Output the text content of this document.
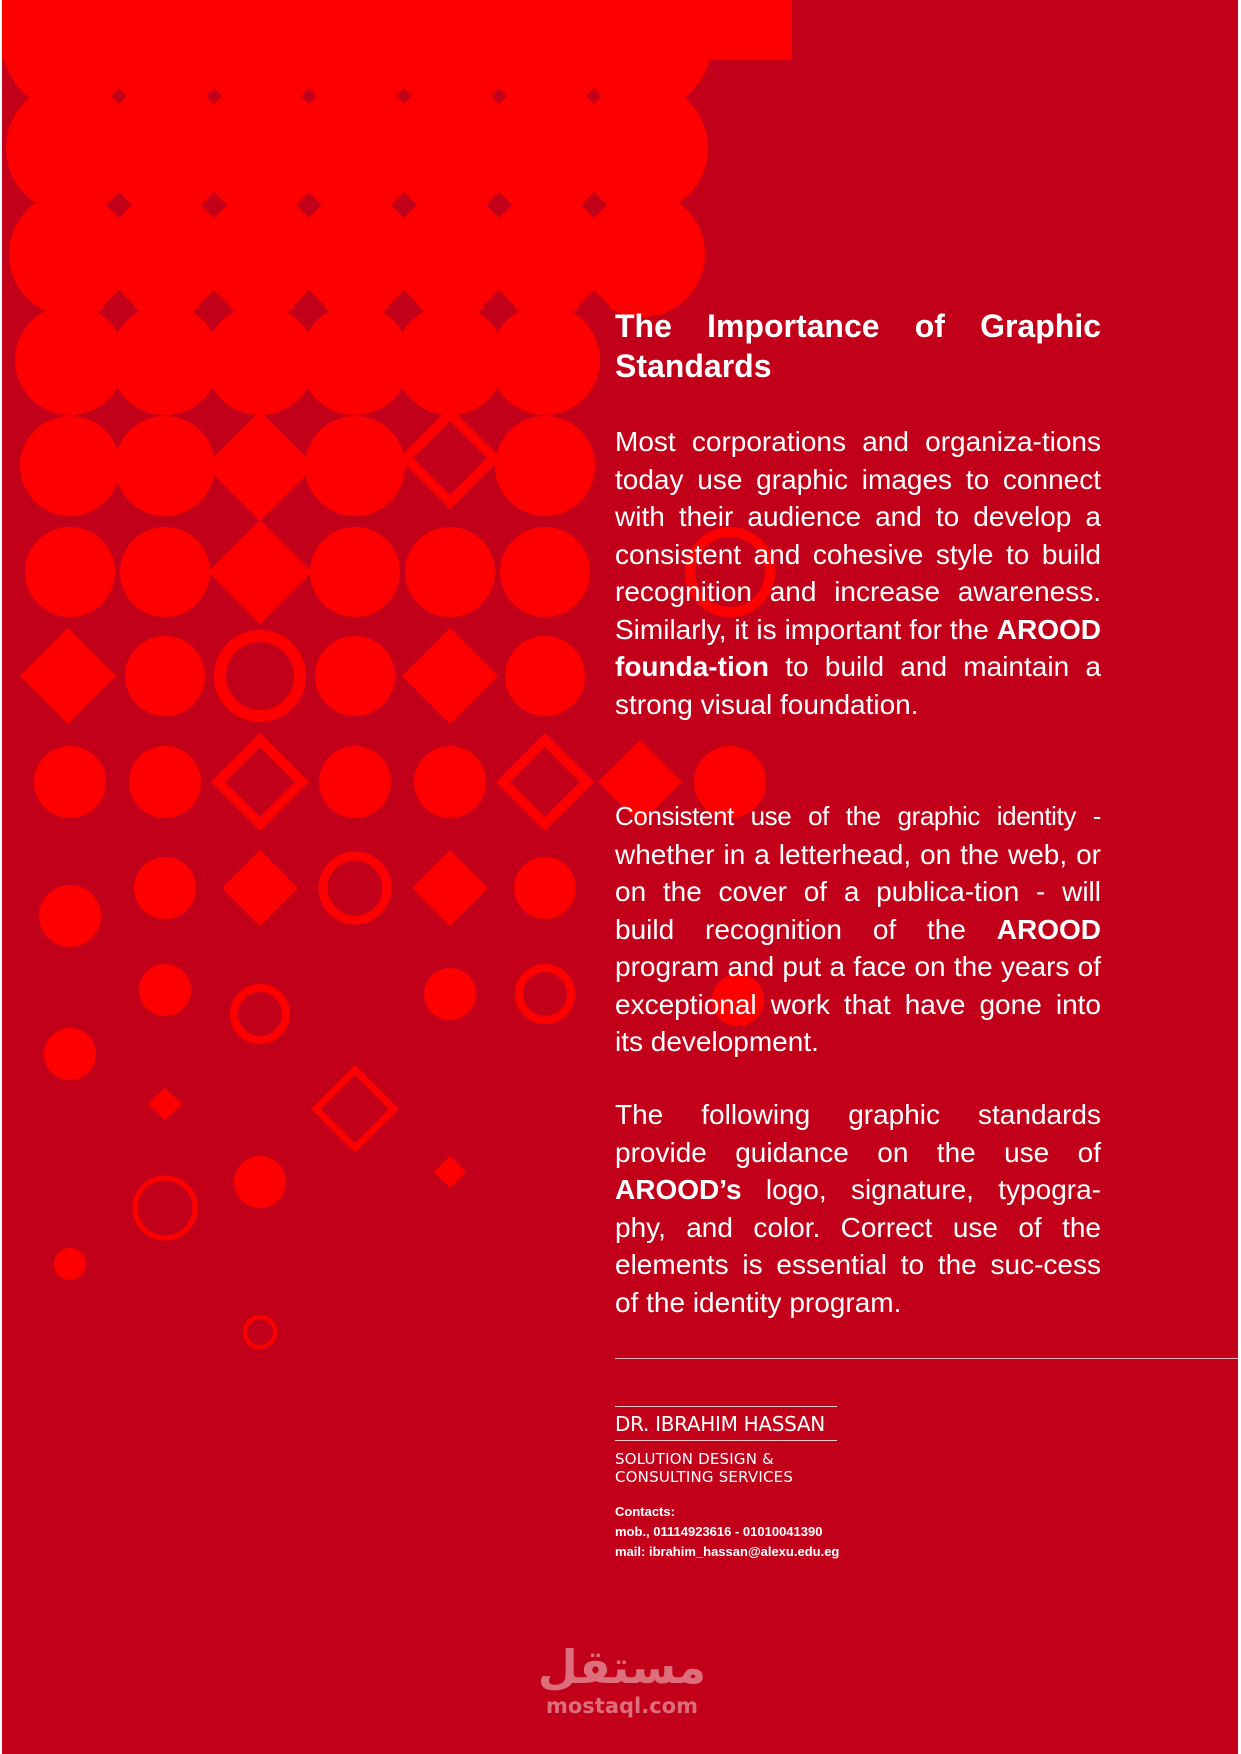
The Importance of Graphic Standards

Most corporations and organiza-tions today use graphic images to connect with their audience and to develop a consistent and cohesive style to build recognition and increase awareness. Similarly, it is important for the AROOD founda-tion to build and maintain a strong visual foundation.

Consistent use of the graphic identity - whether in a letterhead, on the web, or on the cover of a publica-tion - will build recognition of the AROOD program and put a face on the years of exceptional work that have gone into its development.

The following graphic standards provide guidance on the use of AROOD’s logo, signature, typogra-phy, and color. Correct use of the elements is essential to the suc-cess of the identity program.

DR. IBRAHIM HASSAN
SOLUTION DESIGN &
CONSULTING SERVICES
Contacts:
mob., 01114923616 - 01010041390
mail: ibrahim_hassan@alexu.edu.eg
مستقل
mostaql.com
